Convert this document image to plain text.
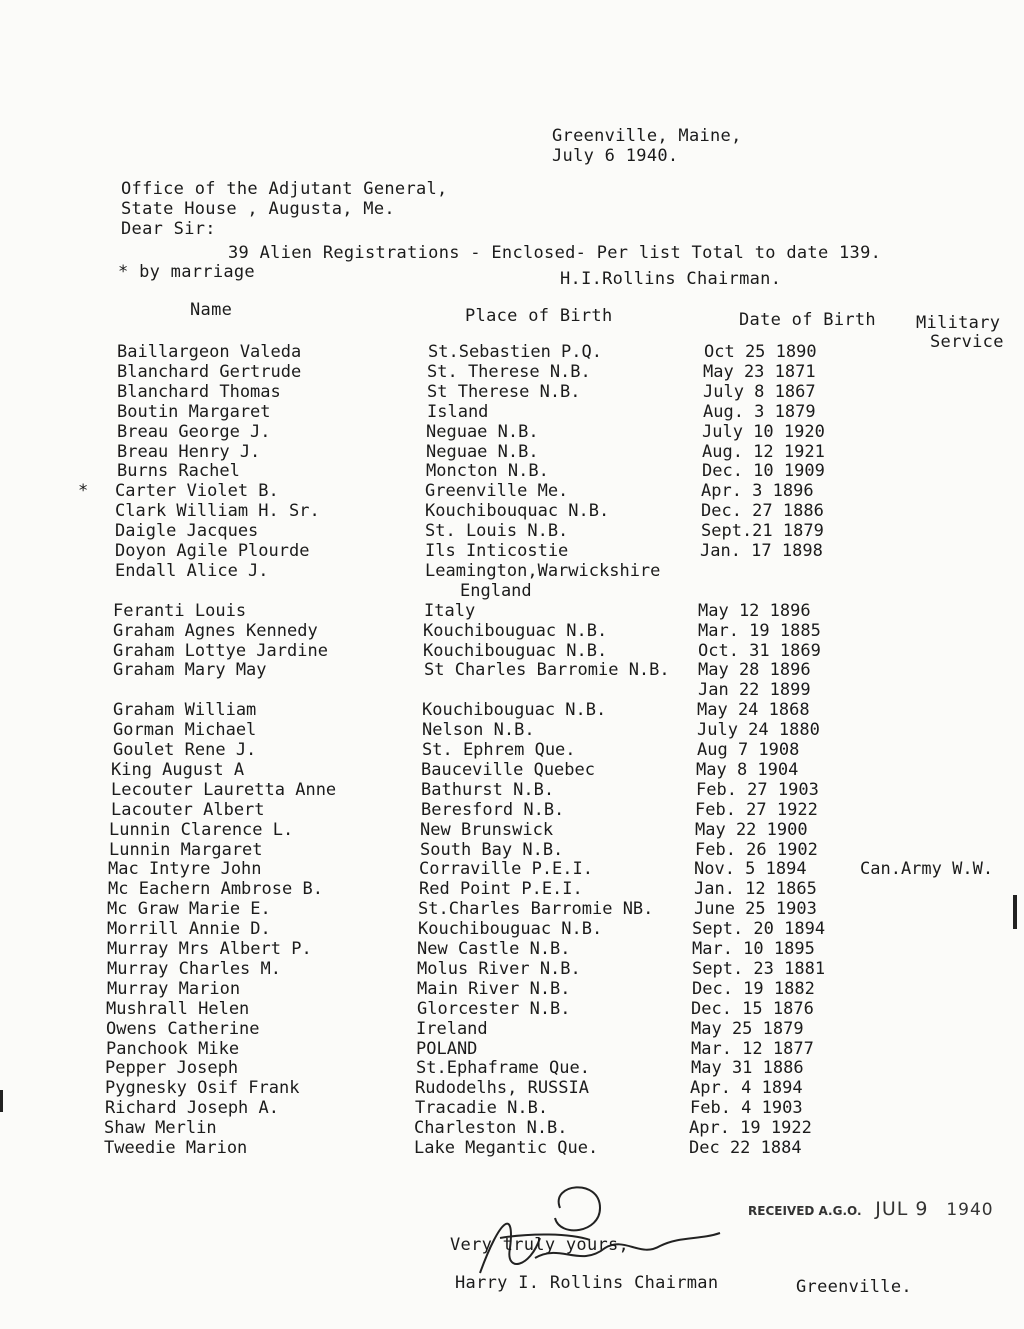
Greenville, Maine,
July 6 1940.
Office of the Adjutant General,
State House , Augusta, Me.
Dear Sir:
39 Alien Registrations - Enclosed- Per list Total to date 139.
* by marriage	H.I.Rollins Chairman.
Name	Place of Birth	Date of Birth Military
Service
Baillargeon Valeda	St.Sebastien P.Q.	Oct 25 1890
Blanchard Gertrude	St. Therese N.B.	May 23 1871
Blanchard Thomas	St Therese N.B.	July 8 1867
Boutin Margaret	Island	Aug. 3 1879
Breau George J.	Neguae N.B.	July 10 1920
Breau Henry J.	Neguae N.B.	Aug. 12 1921
Burns Rachel	Moncton N.B.	Dec. 10 1909
* Carter Violet B.	Greenville Me.	Apr. 3 1896
Clark William H. Sr.	Kouchibouquac N.B.	Dec. 27 1886
Daigle Jacques	St. Louis N.B.	Sept.21 1879
Doyon Agile Plourde	Ils Inticostie	Jan. 17 1898
Endall Alice J.	Leamington,Warwickshire
England
Feranti Louis	Italy	May 12 1896
Graham Agnes Kennedy	Kouchibouguac N.B.	Mar. 19 1885
Graham Lottye Jardine	Kouchibouguac N.B.	Oct. 31 1869
Graham Mary May	St Charles Barromie N.B. May 28 1896
Jan 22 1899
Graham William	Kouchibouguac N.B.	May 24 1868
Gorman Michael	Nelson N.B.	July 24 1880
Goulet Rene J.	St. Ephrem Que.	Aug 7 1908
King August A	Bauceville Quebec	May 8 1904
Lecouter Lauretta Anne	Bathurst N.B.	Feb. 27 1903
Lacouter Albert	Beresford N.B.	Feb. 27 1922
Lunnin Clarence L.	New Brunswick	May 22 1900
Lunnin Margaret	South Bay N.B.	Feb. 26 1902
Mac Intyre John	Corraville P.E.I.	Nov. 5 1894	Can.Army W.W.
Mc Eachern Ambrose B.	Red Point P.E.I.	Jan. 12 1865
Mc Graw Marie E.	St.Charles Barromie NB. June 25 1903
Morrill Annie D.	Kouchibouguac N.B.	Sept. 20 1894
Murray Mrs Albert P.	New Castle N.B.	Mar. 10 1895
Murray Charles M.	Molus River N.B.	Sept. 23 1881
Murray Marion	Main River N.B.	Dec. 19 1882
Mushrall Helen	Glorcester N.B.	Dec. 15 1876
Owens Catherine	Ireland	May 25 1879
Panchook Mike	POLAND	Mar. 12 1877
Pepper Joseph	St.Ephaframe Que.	May 31 1886
Pygnesky Osif Frank	Rudodelhs, RUSSIA	Apr. 4 1894
Richard Joseph A.	Tracadie N.B.	Feb. 4 1903
Shaw Merlin	Charleston N.B.	Apr. 19 1922
Tweedie Marion	Lake Megantic Que.	Dec 22 1884
RECEIVED A.G.O. JUL 9 1940
Very truly yours,
Harry I. Rollins Chairman	Greenville.
